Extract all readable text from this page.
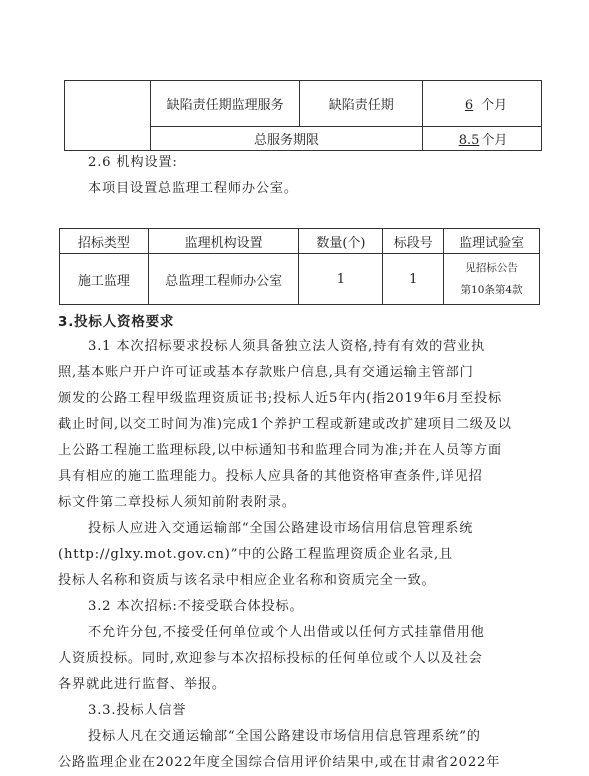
	缺陷责任期监理服务	缺陷责任期	6 个月
	总服务期限		8.5 个月
2.6 机构设置:
本项目设置总监理工程师办公室。
招标类型	监理机构设置	数量(个)	标段号	监理试验室
施工监理	总监理工程师办公室	1	1	见招标公告
第10条第4款
3.投标人资格要求
3.1 本次招标要求投标人须具备独立法人资格,持有有效的营业执
照,基本账户开户许可证或基本存款账户信息,具有交通运输主管部门
颁发的公路工程甲级监理资质证书;投标人近5年内(指2019年6月至投标
截止时间,以交工时间为准)完成1个养护工程或新建或改扩建项目二级及以
上公路工程施工监理标段,以中标通知书和监理合同为准;并在人员等方面
具有相应的施工监理能力。投标人应具备的其他资格审查条件,详见招
标文件第二章投标人须知前附表附录。
投标人应进入交通运输部“全国公路建设市场信用信息管理系统
(http://glxy.mot.gov.cn)”中的公路工程监理资质企业名录,且
投标人名称和资质与该名录中相应企业名称和资质完全一致。
3.2 本次招标:不接受联合体投标。
不允许分包,不接受任何单位或个人出借或以任何方式挂靠借用他
人资质投标。同时,欢迎参与本次招标投标的任何单位或个人以及社会
各界就此进行监督、举报。
3.3.投标人信誉
投标人凡在交通运输部“全国公路建设市场信用信息管理系统”的
公路监理企业在2022年度全国综合信用评价结果中,或在甘肃省2022年
